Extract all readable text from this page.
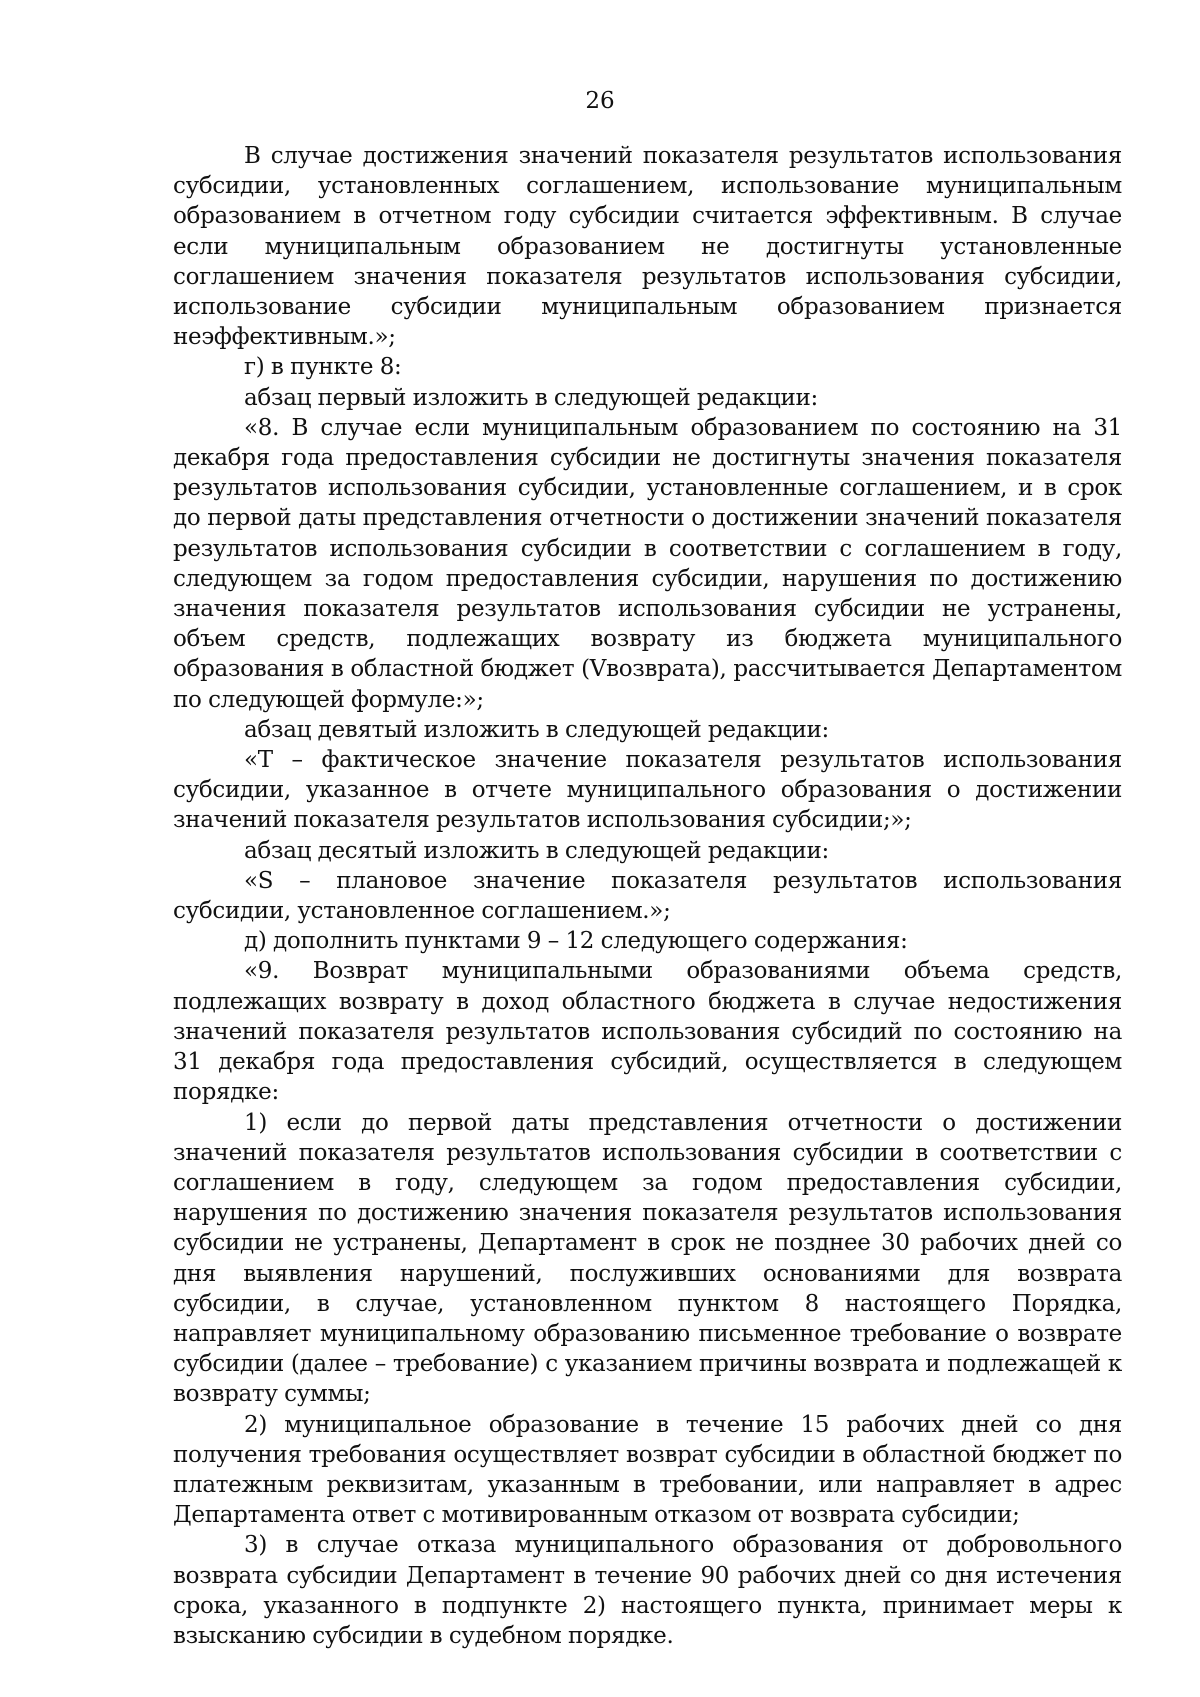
26

В случае достижения значений показателя результатов использования субсидии, установленных соглашением, использование муниципальным образованием в отчетном году субсидии считается эффективным. В случае если муниципальным образованием не достигнуты установленные соглашением значения показателя результатов использования субсидии, использование субсидии муниципальным образованием признается неэффективным.»;

г) в пункте 8:

абзац первый изложить в следующей редакции:

«8. В случае если муниципальным образованием по состоянию на 31 декабря года предоставления субсидии не достигнуты значения показателя результатов использования субсидии, установленные соглашением, и в срок до первой даты представления отчетности о достижении значений показателя результатов использования субсидии в соответствии с соглашением в году, следующем за годом предоставления субсидии, нарушения по достижению значения показателя результатов использования субсидии не устранены, объем средств, подлежащих возврату из бюджета муниципального образования в областной бюджет (Vвозврата), рассчитывается Департаментом по следующей формуле:»;

абзац девятый изложить в следующей редакции:

«T – фактическое значение показателя результатов использования субсидии, указанное в отчете муниципального образования о достижении значений показателя результатов использования субсидии;»;

абзац десятый изложить в следующей редакции:

«S – плановое значение показателя результатов использования субсидии, установленное соглашением.»;

д) дополнить пунктами 9 – 12 следующего содержания:

«9. Возврат муниципальными образованиями объема средств, подлежащих возврату в доход областного бюджета в случае недостижения значений показателя результатов использования субсидий по состоянию на 31 декабря года предоставления субсидий, осуществляется в следующем порядке:

1) если до первой даты представления отчетности о достижении значений показателя результатов использования субсидии в соответствии с соглашением в году, следующем за годом предоставления субсидии, нарушения по достижению значения показателя результатов использования субсидии не устранены, Департамент в срок не позднее 30 рабочих дней со дня выявления нарушений, послуживших основаниями для возврата субсидии, в случае, установленном пунктом 8 настоящего Порядка, направляет муниципальному образованию письменное требование о возврате субсидии (далее – требование) с указанием причины возврата и подлежащей к возврату суммы;

2) муниципальное образование в течение 15 рабочих дней со дня получения требования осуществляет возврат субсидии в областной бюджет по платежным реквизитам, указанным в требовании, или направляет в адрес Департамента ответ с мотивированным отказом от возврата субсидии;

3) в случае отказа муниципального образования от добровольного возврата субсидии Департамент в течение 90 рабочих дней со дня истечения срока, указанного в подпункте 2) настоящего пункта, принимает меры к взысканию субсидии в судебном порядке.
